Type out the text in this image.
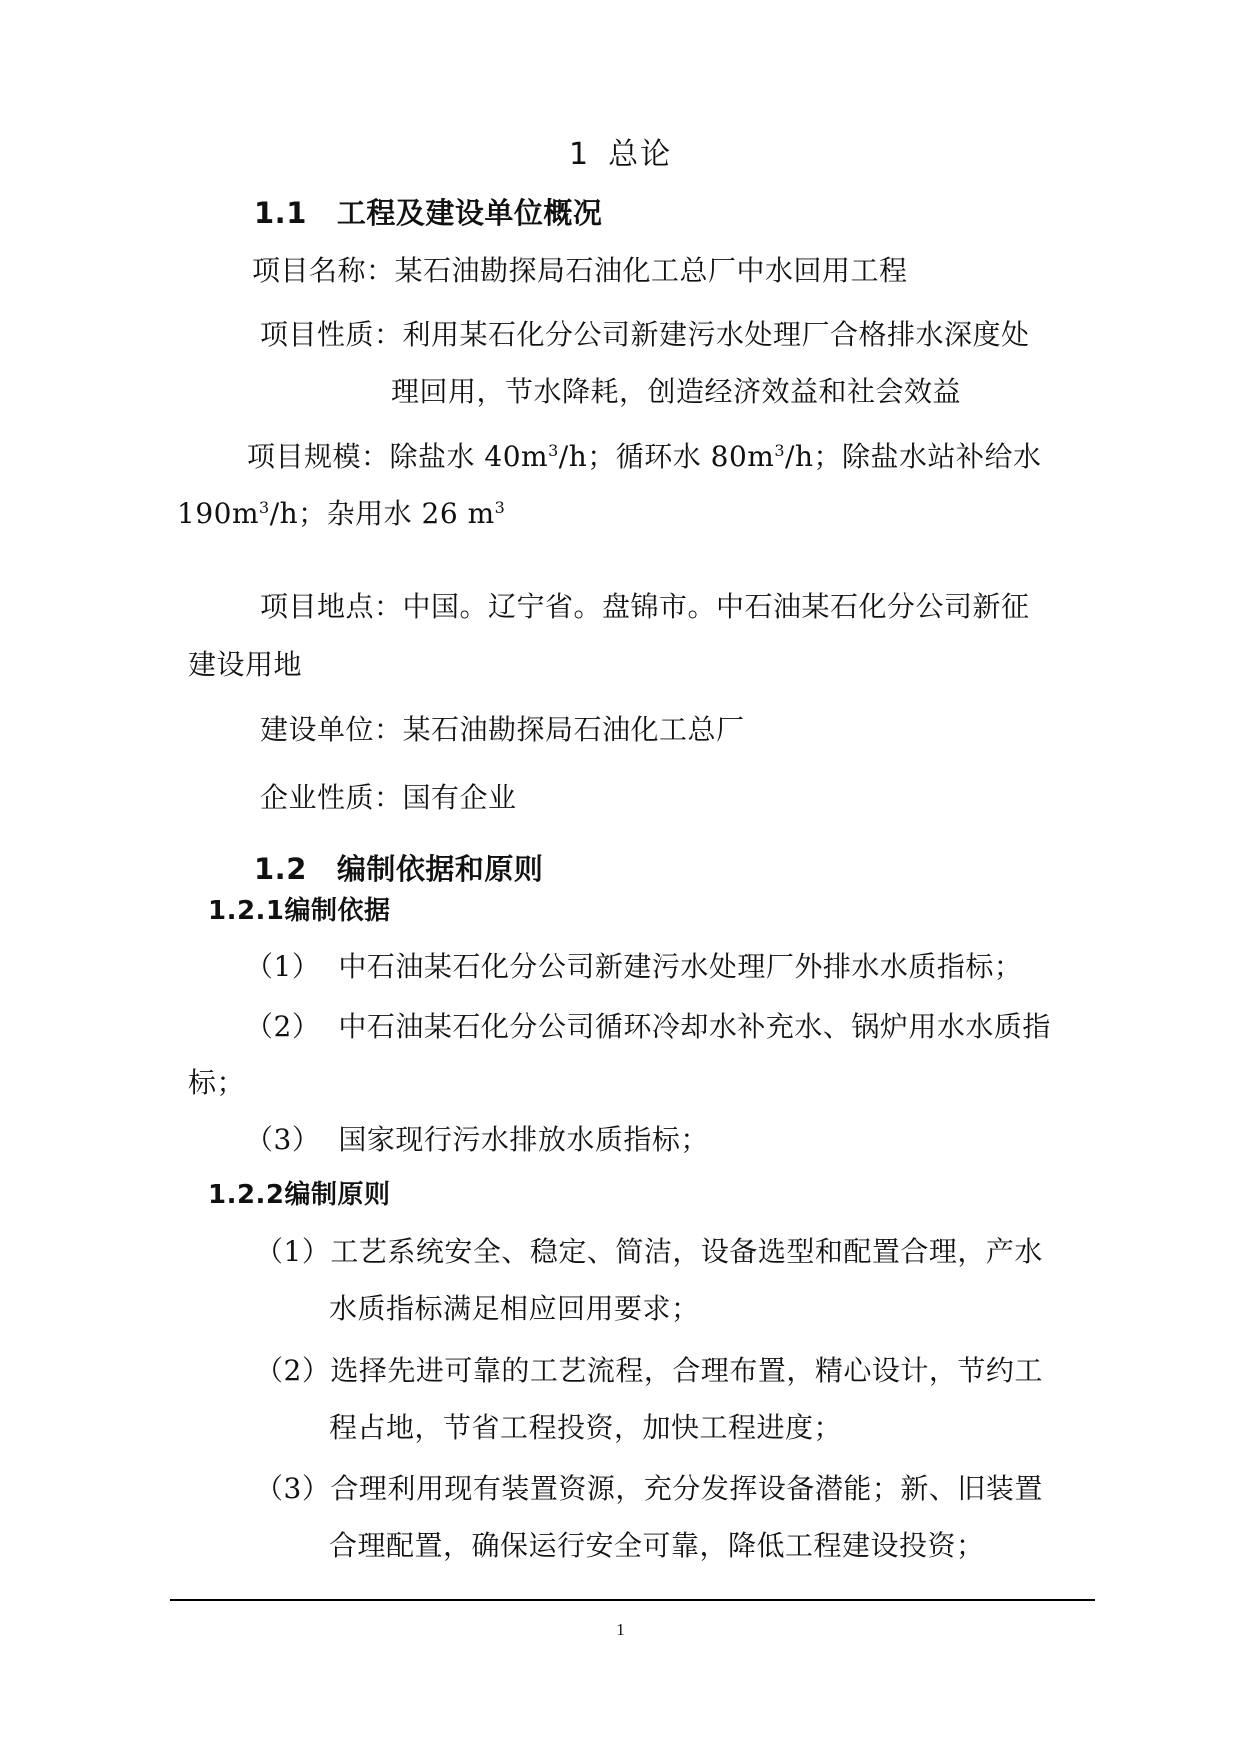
1 总论
1.1 工程及建设单位概况
项目名称：某石油勘探局石油化工总厂中水回用工程
项目性质：利用某石化分公司新建污水处理厂合格排水深度处
理回用，节水降耗，创造经济效益和社会效益
项目规模：除盐水 $40m^3/h$；循环水 $80m^3/h$；除盐水站补给水
$190m^3/h$；杂用水 26 $m^3$
项目地点：中国。辽宁省。盘锦市。中石油某石化分公司新征
建设用地
建设单位：某石油勘探局石油化工总厂
企业性质：国有企业
1.2 编制依据和原则
1.2.1编制依据
（1） 中石油某石化分公司新建污水处理厂外排水水质指标；
（2） 中石油某石化分公司循环冷却水补充水、锅炉用水水质指
标；
（3） 国家现行污水排放水质指标；
1.2.2编制原则
（1）工艺系统安全、稳定、简洁，设备选型和配置合理，产水
水质指标满足相应回用要求；
（2）选择先进可靠的工艺流程，合理布置，精心设计，节约工
程占地，节省工程投资，加快工程进度；
（3）合理利用现有装置资源，充分发挥设备潜能；新、旧装置
合理配置，确保运行安全可靠，降低工程建设投资；
1
